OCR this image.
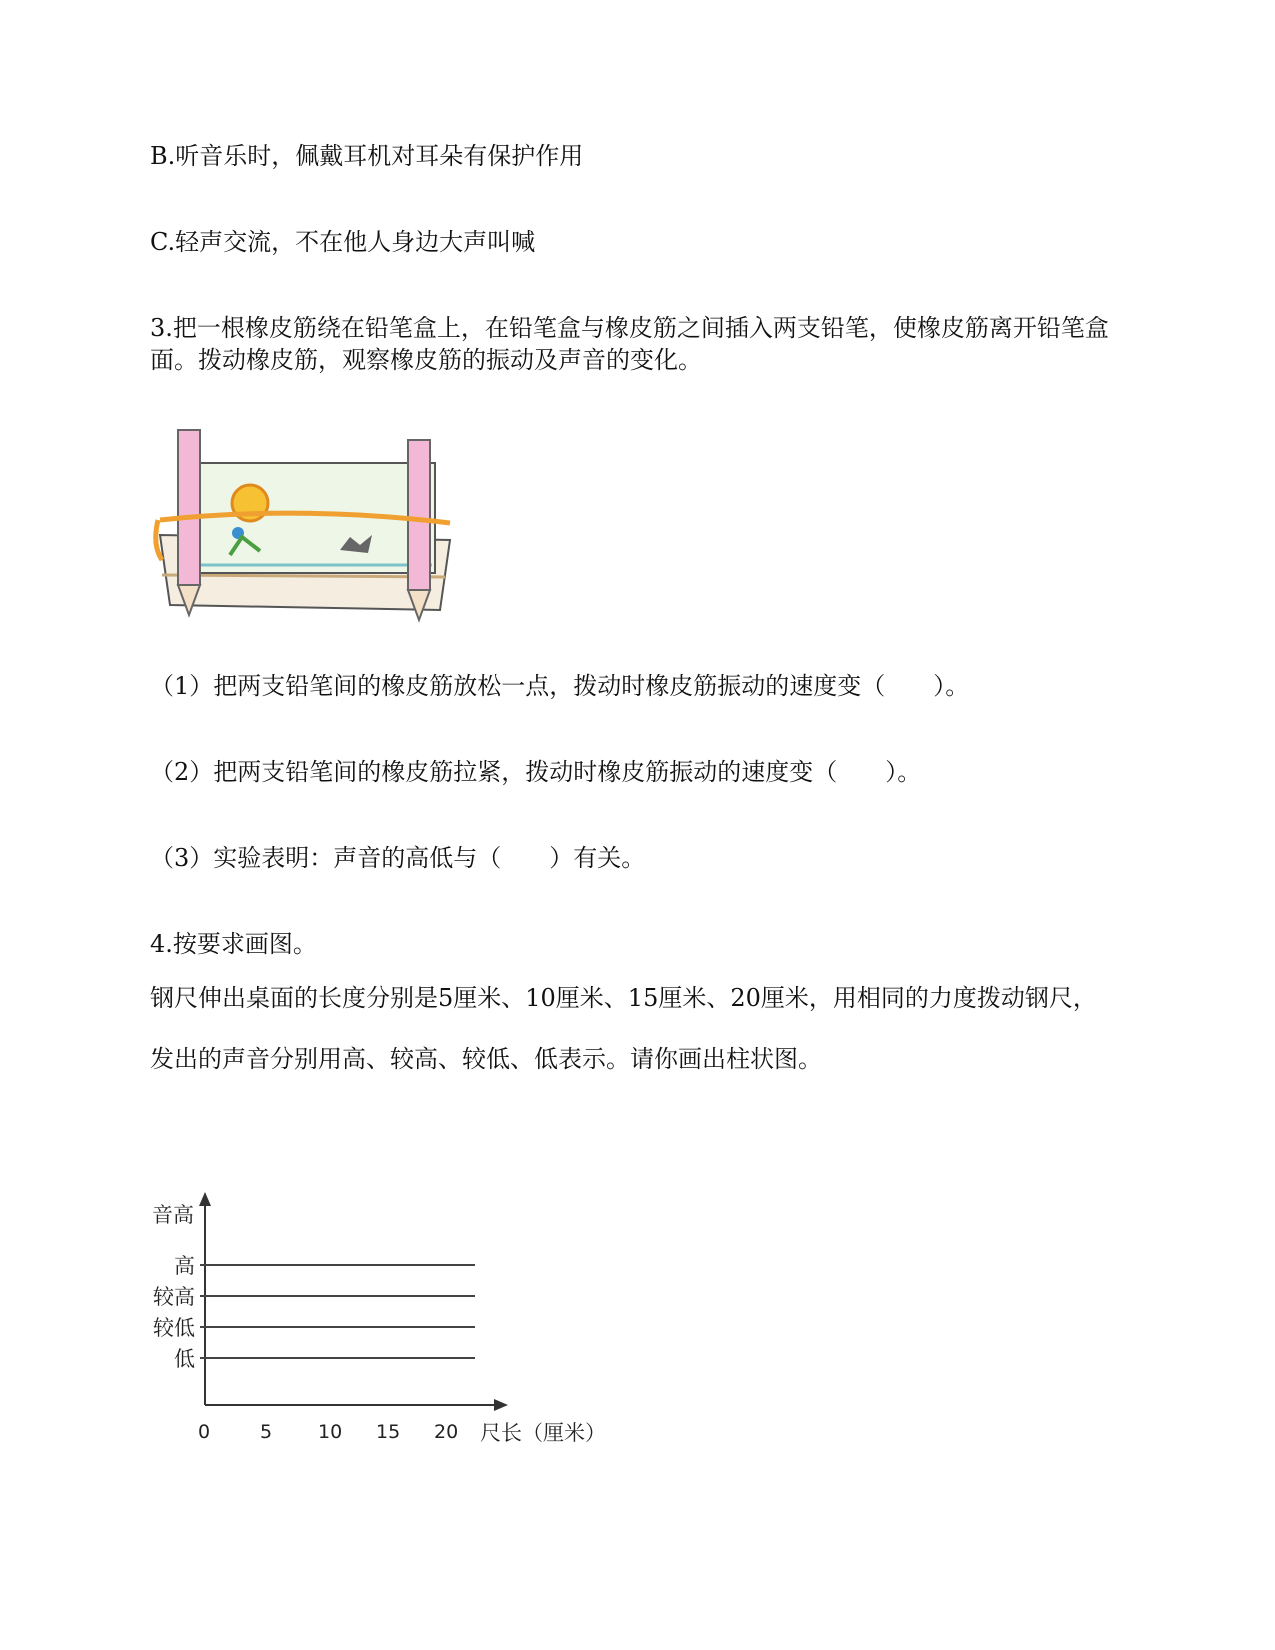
B.听音乐时，佩戴耳机对耳朵有保护作用
C.轻声交流，不在他人身边大声叫喊
3.把一根橡皮筋绕在铅笔盒上，在铅笔盒与橡皮筋之间插入两支铅笔，使橡皮筋离开铅笔盒面。拨动橡皮筋，观察橡皮筋的振动及声音的变化。
（1）把两支铅笔间的橡皮筋放松一点，拨动时橡皮筋振动的速度变（　　）。
（2）把两支铅笔间的橡皮筋拉紧，拨动时橡皮筋振动的速度变（　　）。
（3）实验表明：声音的高低与（　　）有关。
4.按要求画图。
钢尺伸出桌面的长度分别是5厘米、10厘米、15厘米、20厘米，用相同的力度拨动钢尺，
发出的声音分别用高、较高、较低、低表示。请你画出柱状图。
音高
尺长（厘米）
高
较高
较低
低
0	5 10 15 20
